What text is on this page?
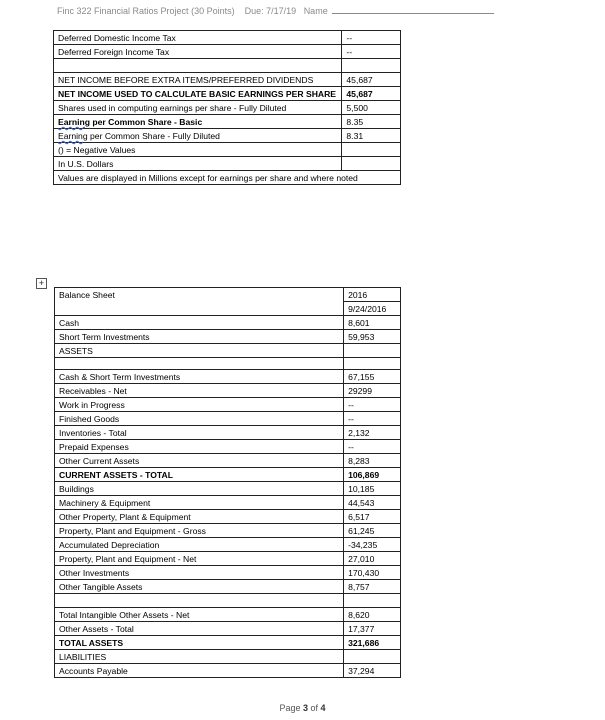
Finc 322 Financial Ratios Project (30 Points) Due: 7/17/19 Name
Deferred Domestic Income Tax	--
Deferred Foreign Income Tax	--

NET INCOME BEFORE EXTRA ITEMS/PREFERRED DIVIDENDS	45,687
NET INCOME USED TO CALCULATE BASIC EARNINGS PER SHARE	45,687
Shares used in computing earnings per share - Fully Diluted	5,500
Earning per Common Share - Basic	8.35
Earning per Common Share - Fully Diluted	8.31
() = Negative Values	
In U.S. Dollars	
Values are displayed in Millions except for earnings per share and where noted	
+
Balance Sheet	2016
	9/24/2016
Cash	8,601
Short Term Investments	59,953
ASSETS	

Cash & Short Term Investments	67,155
Receivables - Net	29299
Work in Progress	--
Finished Goods	--
Inventories - Total	2,132
Prepaid Expenses	--
Other Current Assets	8,283
CURRENT ASSETS - TOTAL	106,869
Buildings	10,185
Machinery & Equipment	44,543
Other Property, Plant & Equipment	6,517
Property, Plant and Equipment - Gross	61,245
Accumulated Depreciation	-34,235
Property, Plant and Equipment - Net	27,010
Other Investments	170,430
Other Tangible Assets	8,757

Total Intangible Other Assets - Net	8,620
Other Assets - Total	17,377
TOTAL ASSETS	321,686
LIABILITIES	
Accounts Payable	37,294
Page 3 of 4
